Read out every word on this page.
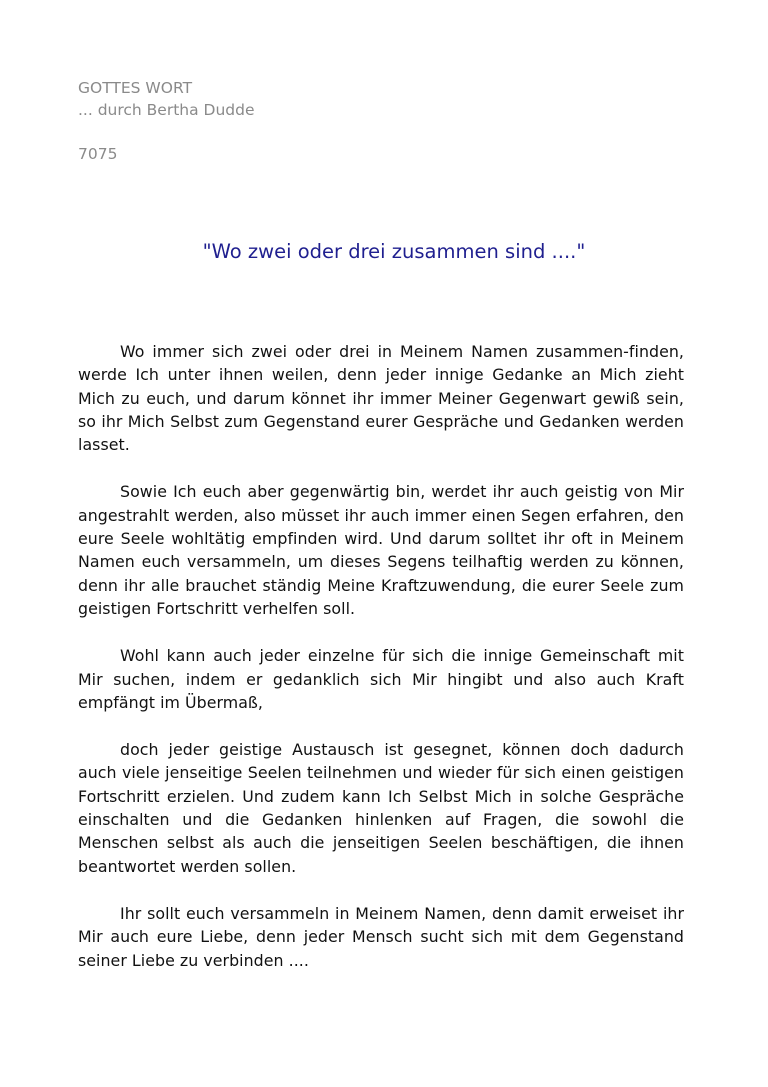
GOTTES WORT
... durch Bertha Dudde
7075
"Wo zwei oder drei zusammen sind ...."

Wo immer sich zwei oder drei in Meinem Namen zusammen-finden, werde Ich unter ihnen weilen, denn jeder innige Gedanke an Mich zieht Mich zu euch, und darum könnet ihr immer Meiner Gegenwart gewiß sein, so ihr Mich Selbst zum Gegenstand eurer Gespräche und Gedanken werden lasset.

Sowie Ich euch aber gegenwärtig bin, werdet ihr auch geistig von Mir angestrahlt werden, also müsset ihr auch immer einen Segen erfahren, den eure Seele wohltätig empfinden wird. Und darum solltet ihr oft in Meinem Namen euch versammeln, um dieses Segens teilhaftig werden zu können, denn ihr alle brauchet ständig Meine Kraftzuwendung, die eurer Seele zum geistigen Fortschritt verhelfen soll.

Wohl kann auch jeder einzelne für sich die innige Gemeinschaft mit Mir suchen, indem er gedanklich sich Mir hingibt und also auch Kraft empfängt im Übermaß,

doch jeder geistige Austausch ist gesegnet, können doch dadurch auch viele jenseitige Seelen teilnehmen und wieder für sich einen geistigen Fortschritt erzielen. Und zudem kann Ich Selbst Mich in solche Gespräche einschalten und die Gedanken hinlenken auf Fragen, die sowohl die Menschen selbst als auch die jenseitigen Seelen beschäftigen, die ihnen beantwortet werden sollen.

Ihr sollt euch versammeln in Meinem Namen, denn damit erweiset ihr Mir auch eure Liebe, denn jeder Mensch sucht sich mit dem Gegenstand seiner Liebe zu verbinden ....
